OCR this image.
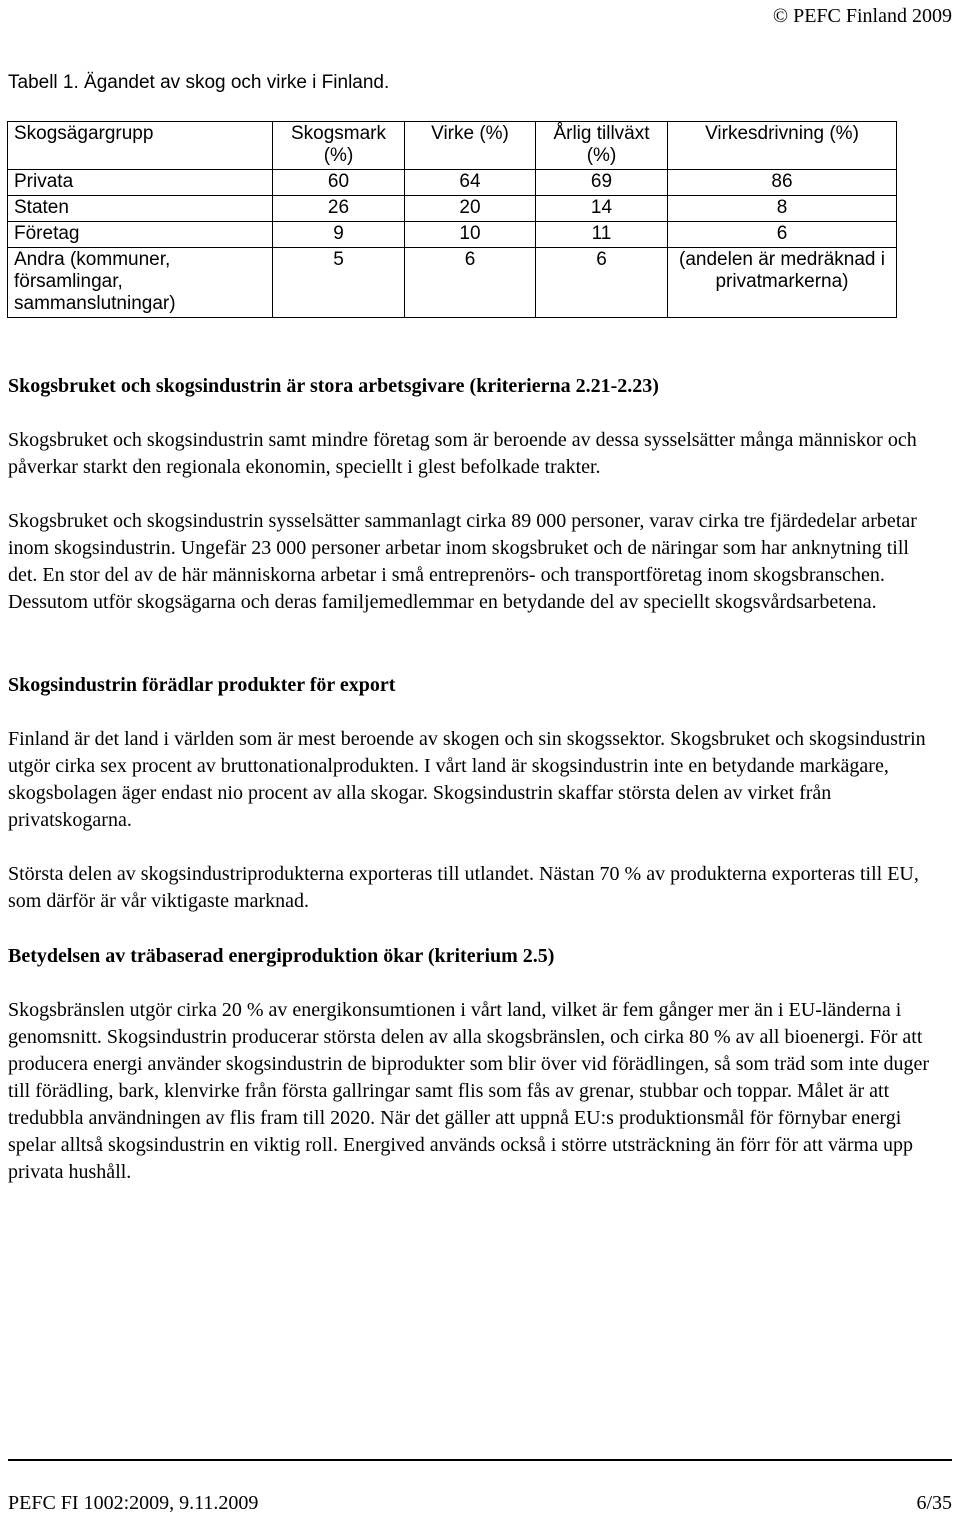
© PEFC Finland 2009
Tabell 1. Ägandet av skog och virke i Finland.
Skogsägargrupp	Skogsmark (%)	Virke (%)	Årlig tillväxt (%)	Virkesdrivning (%)
Privata	60	64	69	86
Staten	26	20	14	8
Företag	9	10	11	6
Andra (kommuner, församlingar, sammanslutningar)	5	6	6	(andelen är medräknad i privatmarkerna)
Skogsbruket och skogsindustrin är stora arbetsgivare (kriterierna 2.21-2.23)
Skogsbruket och skogsindustrin samt mindre företag som är beroende av dessa sysselsätter många människor och påverkar starkt den regionala ekonomin, speciellt i glest befolkade trakter.
Skogsbruket och skogsindustrin sysselsätter sammanlagt cirka 89 000 personer, varav cirka tre fjärdedelar arbetar inom skogsindustrin. Ungefär 23 000 personer arbetar inom skogsbruket och de näringar som har anknytning till det. En stor del av de här människorna arbetar i små entreprenörs- och transportföretag inom skogsbranschen. Dessutom utför skogsägarna och deras familjemedlemmar en betydande del av speciellt skogsvårdsarbetena.
Skogsindustrin förädlar produkter för export
Finland är det land i världen som är mest beroende av skogen och sin skogssektor. Skogsbruket och skogsindustrin utgör cirka sex procent av bruttonationalprodukten. I vårt land är skogsindustrin inte en betydande markägare, skogsbolagen äger endast nio procent av alla skogar. Skogsindustrin skaffar största delen av virket från privatskogarna.
Största delen av skogsindustriprodukterna exporteras till utlandet. Nästan 70 % av produkterna exporteras till EU, som därför är vår viktigaste marknad.
Betydelsen av träbaserad energiproduktion ökar (kriterium 2.5)
Skogsbränslen utgör cirka 20 % av energikonsumtionen i vårt land, vilket är fem gånger mer än i EU-länderna i genomsnitt. Skogsindustrin producerar största delen av alla skogsbränslen, och cirka 80 % av all bioenergi. För att producera energi använder skogsindustrin de biprodukter som blir över vid förädlingen, så som träd som inte duger till förädling, bark, klenvirke från första gallringar samt flis som fås av grenar, stubbar och toppar. Målet är att tredubbla användningen av flis fram till 2020. När det gäller att uppnå EU:s produktionsmål för förnybar energi spelar alltså skogsindustrin en viktig roll. Energived används också i större utsträckning än förr för att värma upp privata hushåll.
PEFC FI 1002:2009, 9.11.2009	6/35
